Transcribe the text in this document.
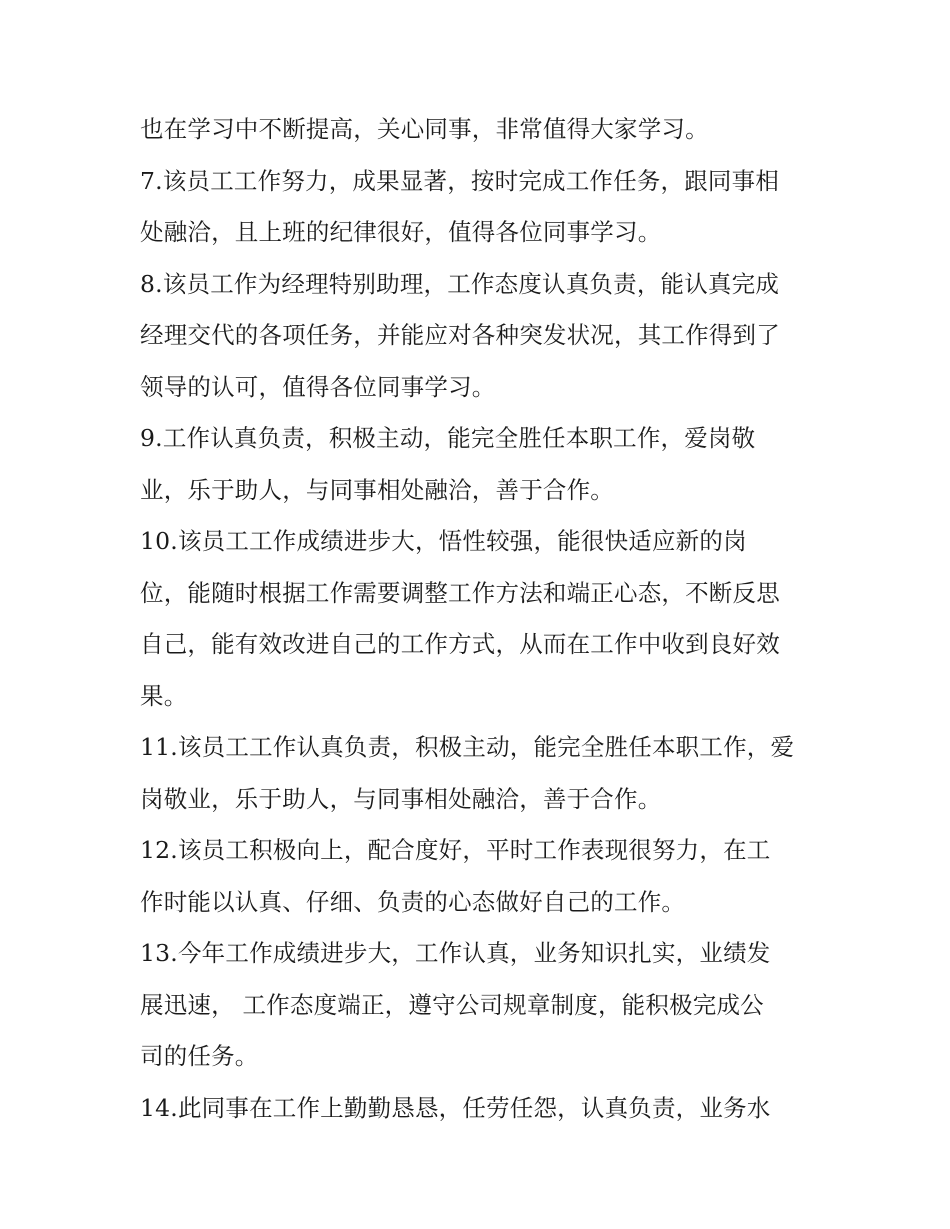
也在学习中不断提高，关心同事，非常值得大家学习。
7.该员工工作努力，成果显著，按时完成工作任务，跟同事相
处融洽，且上班的纪律很好，值得各位同事学习。
8.该员工作为经理特别助理，工作态度认真负责，能认真完成
经理交代的各项任务，并能应对各种突发状况，其工作得到了
领导的认可，值得各位同事学习。
9.工作认真负责，积极主动，能完全胜任本职工作，爱岗敬
业，乐于助人，与同事相处融洽，善于合作。
10.该员工工作成绩进步大，悟性较强，能很快适应新的岗
位，能随时根据工作需要调整工作方法和端正心态，不断反思
自己，能有效改进自己的工作方式，从而在工作中收到良好效
果。
11.该员工工作认真负责，积极主动，能完全胜任本职工作，爱
岗敬业，乐于助人，与同事相处融洽，善于合作。
12.该员工积极向上，配合度好，平时工作表现很努力，在工
作时能以认真、仔细、负责的心态做好自己的工作。
13.今年工作成绩进步大，工作认真，业务知识扎实，业绩发
展迅速， 工作态度端正，遵守公司规章制度，能积极完成公
司的任务。
14.此同事在工作上勤勤恳恳，任劳任怨，认真负责，业务水
